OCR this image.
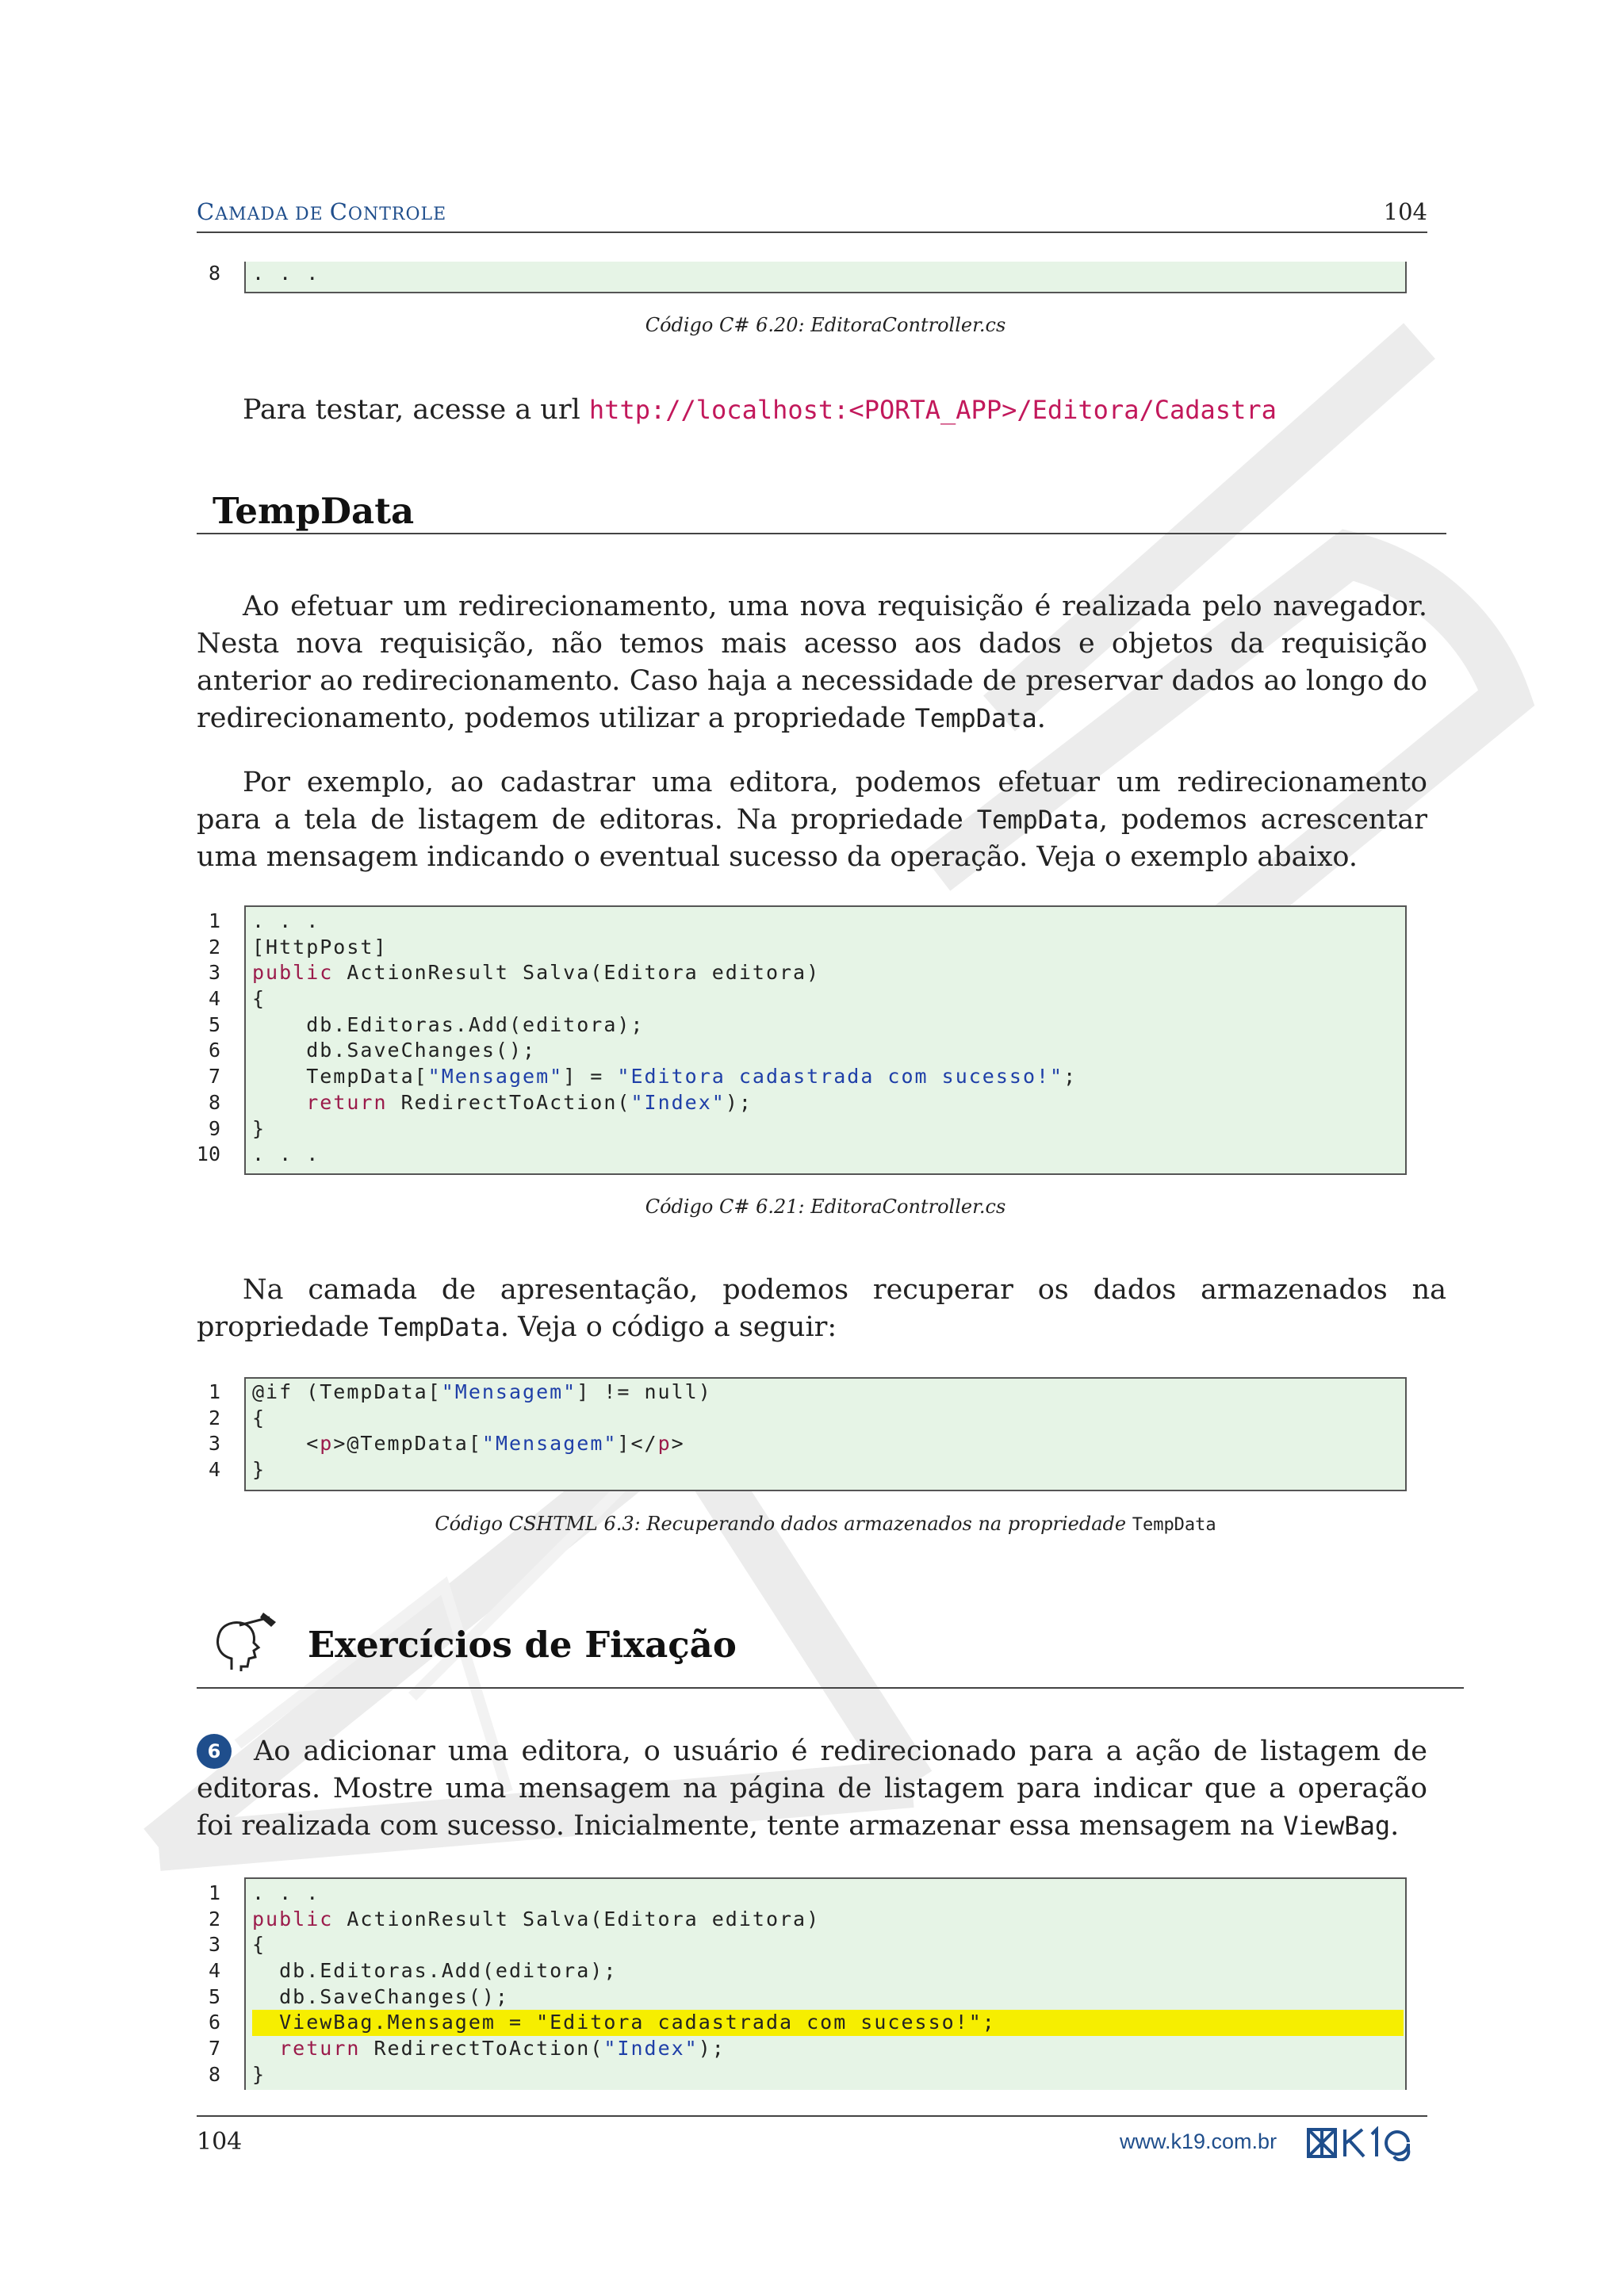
CAMADA DE CONTROLE	104
8 . . .
Código C# 6.20: EditoraController.cs
Para testar, acesse a url http://localhost:<PORTA_APP>/Editora/Cadastra
TempData
Ao efetuar um redirecionamento, uma nova requisição é realizada pelo navegador. Nesta nova requisição, não temos mais acesso aos dados e objetos da requisição anterior ao redirecionamento. Caso haja a necessidade de preservar dados ao longo do redirecionamento, podemos utilizar a propriedade TempData.
Por exemplo, ao cadastrar uma editora, podemos efetuar um redirecionamento para a tela de listagem de editoras. Na propriedade TempData, podemos acrescentar uma mensagem indicando o eventual sucesso da operação. Veja o exemplo abaixo.
1
2
3
4
5
6
7
8
9
10
. . .
[HttpPost]
public ActionResult Salva(Editora editora)
{
db.Editoras.Add(editora);
db.SaveChanges();
TempData["Mensagem"] = "Editora cadastrada com sucesso!";
return RedirectToAction("Index");
}
. . .
Código C# 6.21: EditoraController.cs
Na camada de apresentação, podemos recuperar os dados armazenados na propriedade TempData. Veja o código a seguir:
1
2
3
4
@if (TempData["Mensagem"] != null)
{
<p>@TempData["Mensagem"]</p>
}
Código CSHTML 6.3: Recuperando dados armazenados na propriedade TempData
Exercícios de Fixação
6	Ao adicionar uma editora, o usuário é redirecionado para a ação de listagem de editoras. Mostre uma mensagem na página de listagem para indicar que a operação foi realizada com sucesso. Inicialmente, tente armazenar essa mensagem na ViewBag.
1
2
3
4
5
6
7
8
. . .
public ActionResult Salva(Editora editora)
{
db.Editoras.Add(editora);
db.SaveChanges();
ViewBag.Mensagem = "Editora cadastrada com sucesso!";
return RedirectToAction("Index");
}
104	www.k19.com.br
